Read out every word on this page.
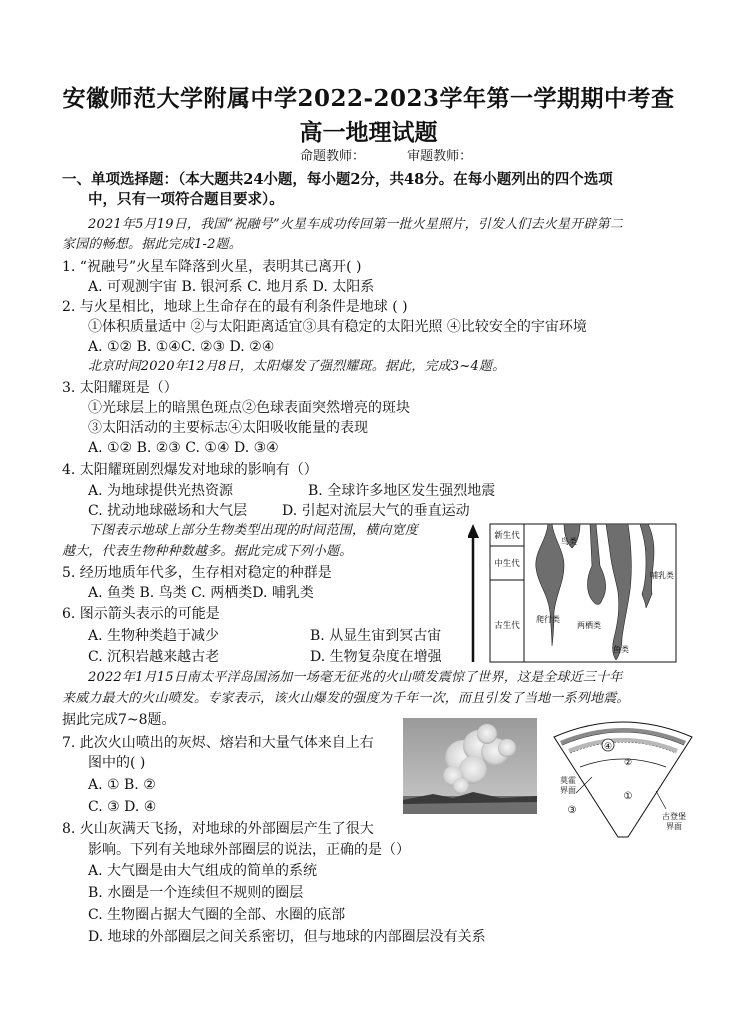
安徽师范大学附属中学2022-2023学年第一学期期中考查
高一地理试题
命题教师：	审题教师：
一、单项选择题：（本大题共24小题，每小题2分，共48分。在每小题列出的四个选项
中，只有一项符合题目要求）。
2021年5月19日，我国“祝融号”火星车成功传回第一批火星照片，引发人们去火星开辟第二
家园的畅想。据此完成1-2题。
1. “祝融号”火星车降落到火星，表明其已离开( )
A. 可观测宇宙 B. 银河系 C. 地月系 D. 太阳系
2. 与火星相比，地球上生命存在的最有利条件是地球 ( )
①体积质量适中 ②与太阳距离适宜③具有稳定的太阳光照 ④比较安全的宇宙环境
A. ①② B. ①④C. ②③ D. ②④
北京时间2020年12月8日，太阳爆发了强烈耀斑。据此，完成3~4题。
3. 太阳耀斑是（）
①光球层上的暗黑色斑点②色球表面突然增亮的斑块
③太阳活动的主要标志④太阳吸收能量的表现
A. ①② B. ②③ C. ①④ D. ③④
4. 太阳耀斑剧烈爆发对地球的影响有（）
A. 为地球提供光热资源	B. 全球许多地区发生强烈地震
C. 扰动地球磁场和大气层 D. 引起对流层大气的垂直运动
下图表示地球上部分生物类型出现的时间范围，横向宽度
越大，代表生物种种数越多。据此完成下列小题。
5. 经历地质年代多，生存相对稳定的种群是
A. 鱼类 B. 鸟类 C. 两栖类D. 哺乳类
6. 图示箭头表示的可能是
A. 生物种类趋于减少	B. 从显生宙到冥古宙
C. 沉积岩越来越古老	D. 生物复杂度在增强
2022年1月15日南太平洋岛国汤加一场毫无征兆的火山喷发震惊了世界，这是全球近三十年
来威力最大的火山喷发。专家表示，该火山爆发的强度为千年一次，而且引发了当地一系列地震。
据此完成7~8题。
7. 此次火山喷出的灰烬、熔岩和大量气体来自上右
图中的( )
A. ① B. ②
C. ③ D. ④
8. 火山灰满天飞扬，对地球的外部圈层产生了很大
影响。下列有关地球外部圈层的说法，正确的是（）
A. 大气圈是由大气组成的简单的系统
B. 水圈是一个连续但不规则的圈层
C. 生物圈占据大气圈的全部、水圈的底部
D. 地球的外部圈层之间关系密切，但与地球的内部圈层没有关系
新生代
中生代
古生代
鸟类
哺乳类
爬行类
两栖类
鱼类
④
②
①
③
莫霍
界面
古登堡
界面
